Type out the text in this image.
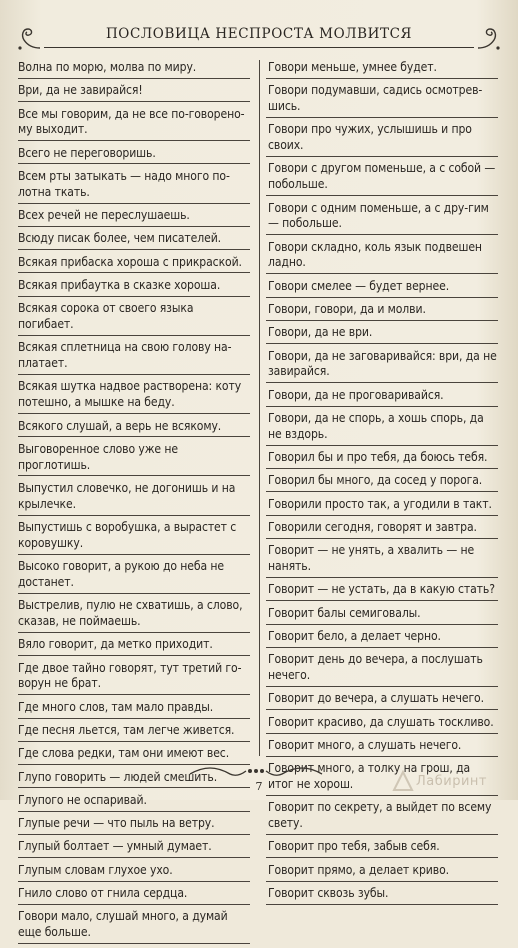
ПОСЛОВИЦА НЕСПРОСТА МОЛВИТСЯ
Волна по морю, молва по миру.
Ври, да не завирайся!
Все мы говорим, да не все по-говорено-му выходит.
Всего не переговоришь.
Всем рты затыкать — надо много по-лотна ткать.
Всех речей не переслушаешь.
Всюду писак более, чем писателей.
Всякая прибаска хороша с прикраской.
Всякая прибаутка в сказке хороша.
Всякая сорока от своего языка погибает.
Всякая сплетница на свою голову на-платает.
Всякая шутка надвое растворена: коту потешно, а мышке на беду.
Всякого слушай, а верь не всякому.
Выговоренное слово уже не проглотишь.
Выпустил словечко, не догонишь и на крылечке.
Выпустишь с воробушка, а вырастет с коровушку.
Высоко говорит, а рукою до неба не достанет.
Выстрелив, пулю не схватишь, а слово, сказав, не поймаешь.
Вяло говорит, да метко приходит.
Где двое тайно говорят, тут третий го-ворун не брат.
Где много слов, там мало правды.
Где песня льется, там легче живется.
Где слова редки, там они имеют вес.
Глупо говорить — людей смешить.
Глупого не оспаривай.
Глупые речи — что пыль на ветру.
Глупый болтает — умный думает.
Глупым словам глухое ухо.
Гнило слово от гнила сердца.
Говори мало, слушай много, а думай еще больше.
Говори меньше, умнее будет.
Говори подумавши, садись осмотрев-шись.
Говори про чужих, услышишь и про своих.
Говори с другом поменьше, а с собой — побольше.
Говори с одним поменьше, а с дру-гим — побольше.
Говори складно, коль язык подвешен ладно.
Говори смелее — будет вернее.
Говори, говори, да и молви.
Говори, да не ври.
Говори, да не заговаривайся: ври, да не завирайся.
Говори, да не проговаривайся.
Говори, да не спорь, а хошь спорь, да не вздорь.
Говорил бы и про тебя, да боюсь тебя.
Говорил бы много, да сосед у порога.
Говорили просто так, а угодили в такт.
Говорили сегодня, говорят и завтра.
Говорит — не унять, а хвалить — не нанять.
Говорит — не устать, да в какую стать?
Говорит балы семиговалы.
Говорит бело, а делает черно.
Говорит день до вечера, а послушать нечего.
Говорит до вечера, а слушать нечего.
Говорит красиво, да слушать тоскливо.
Говорит много, а слушать нечего.
Говорит много, а толку на грош, да итог не хорош.
Говорит по секрету, а выйдет по всему свету.
Говорит про тебя, забыв себя.
Говорит прямо, а делает криво.
Говорит сквозь зубы.
7	Лабиринт
